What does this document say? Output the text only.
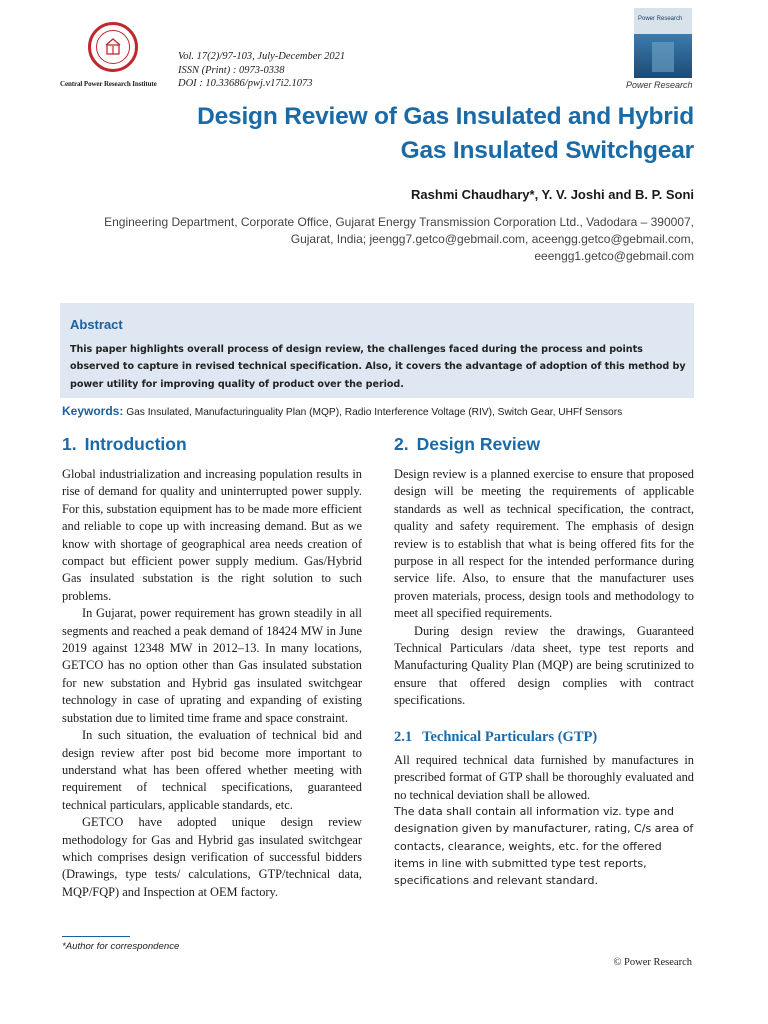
Central Power Research Institute
Vol. 17(2)/97-103, July-December 2021
ISSN (Print) : 0973-0338
DOI : 10.33686/pwj.v17i2.1073
Power Research
Power Research
Design Review of Gas Insulated and Hybrid
Gas Insulated Switchgear
Rashmi Chaudhary*, Y. V. Joshi and B. P. Soni
Engineering Department, Corporate Office, Gujarat Energy Transmission Corporation Ltd., Vadodara – 390007,
Gujarat, India; jeengg7.getco@gebmail.com, aceengg.getco@gebmail.com,
eeengg1.getco@gebmail.com
Abstract
This paper highlights overall process of design review, the challenges faced during the process and points observed to capture in revised technical specification. Also, it covers the advantage of adoption of this method by power utility for improving quality of product over the period.
Keywords: Gas Insulated, Manufacturinguality Plan (MQP), Radio Interference Voltage (RIV), Switch Gear, UHFf Sensors
1. Introduction

Global industrialization and increasing population results in rise of demand for quality and uninterrupted power supply. For this, substation equipment has to be made more efficient and reliable to cope up with increasing demand. But as we know with shortage of geographical area needs creation of compact but efficient power supply medium. Gas/Hybrid Gas insulated substation is the right solution to such problems.

In Gujarat, power requirement has grown steadily in all segments and reached a peak demand of 18424 MW in June 2019 against 12348 MW in 2012–13. In many locations, GETCO has no option other than Gas insulated substation for new substation and Hybrid gas insulated switchgear technology in case of uprating and expanding of existing substation due to limited time frame and space constraint.

In such situation, the evaluation of technical bid and design review after post bid become more important to understand what has been offered whether meeting with requirement of technical specifications, guaranteed technical particulars, applicable standards, etc.

GETCO have adopted unique design review methodology for Gas and Hybrid gas insulated switchgear which comprises design verification of successful bidders (Drawings, type tests/ calculations, GTP/technical data, MQP/FQP) and Inspection at OEM factory.

2. Design Review

Design review is a planned exercise to ensure that proposed design will be meeting the requirements of applicable standards as well as technical specification, the contract, quality and safety requirement. The emphasis of design review is to establish that what is being offered fits for the purpose in all respect for the intended performance during service life. Also, to ensure that the manufacturer uses proven materials, process, design tools and methodology to meet all specified requirements.

During design review the drawings, Guaranteed Technical Particulars /data sheet, type test reports and Manufacturing Quality Plan (MQP) are being scrutinized to ensure that offered design complies with contract specifications.

2.1 Technical Particulars (GTP)

All required technical data furnished by manufactures in prescribed format of GTP shall be thoroughly evaluated and no technical deviation shall be allowed.

The data shall contain all information viz. type and designation given by manufacturer, rating, C/s area of contacts, clearance, weights, etc. for the offered items in line with submitted type test reports, specifications and relevant standard.

*Author for correspondence
© Power Research
